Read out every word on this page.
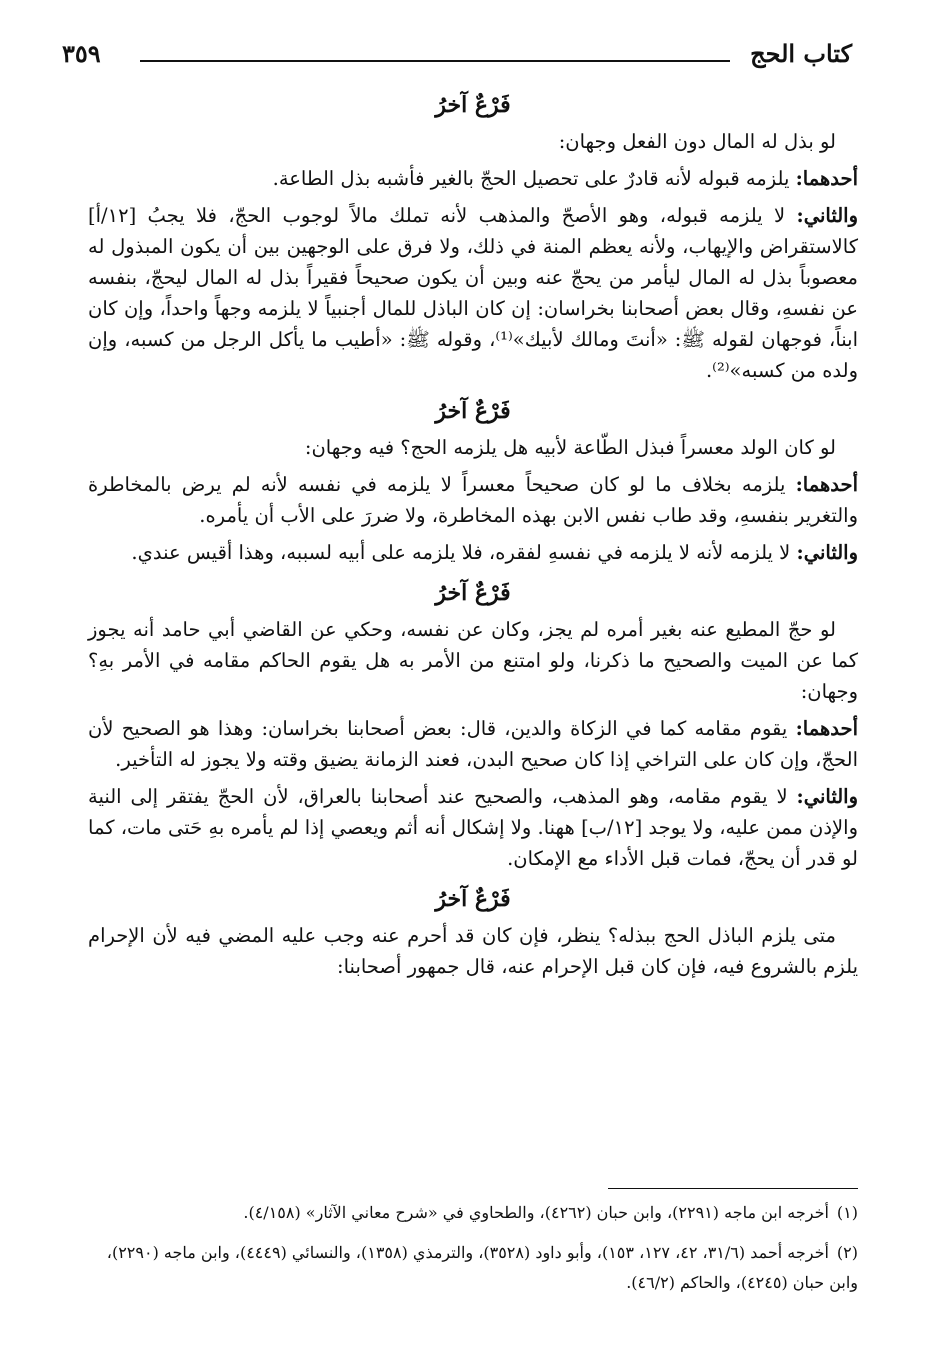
كتاب الحج
٣٥٩
فَرْعٌ آخرُ

لو بذل له المال دون الفعل وجهان:

أحدهما: يلزمه قبوله لأنه قادرٌ على تحصيل الحجّ بالغير فأشبه بذل الطاعة.

والثاني: لا يلزمه قبوله، وهو الأصحّ والمذهب لأنه تملك مالاً لوجوب الحجّ، فلا يجبُ [١٢/أ] كالاستقراض والإيهاب، ولأنه يعظم المنة في ذلك، ولا فرق على الوجهين بين أن يكون المبذول له معصوباً بذل له المال ليأمر من يحجّ عنه وبين أن يكون صحيحاً فقيراً بذل له المال ليحجّ، بنفسه عن نفسهِ، وقال بعض أصحابنا بخراسان: إن كان الباذل للمال أجنبياً لا يلزمه وجهاً واحداً، وإن كان ابناً، فوجهان لقوله ﷺ: «أنتَ ومالك لأبيك»⁽¹⁾، وقوله ﷺ: «أطيب ما يأكل الرجل من كسبه، وإن ولده من كسبه»⁽²⁾.

فَرْعٌ آخرُ

لو كان الولد معسراً فبذل الطّاعة لأبيه هل يلزمه الحج؟ فيه وجهان:

أحدهما: يلزمه بخلاف ما لو كان صحيحاً معسراً لا يلزمه في نفسه لأنه لم يرض بالمخاطرة والتغرير بنفسهِ، وقد طاب نفس الابن بهذه المخاطرة، ولا ضررَ على الأب أن يأمره.

والثاني: لا يلزمه لأنه لا يلزمه في نفسهِ لفقره، فلا يلزمه على أبيه لسببه، وهذا أقيس عندي.

فَرْعٌ آخرُ

لو حجّ المطيع عنه بغير أمره لم يجز، وكان عن نفسه، وحكي عن القاضي أبي حامد أنه يجوز كما عن الميت والصحيح ما ذكرنا، ولو امتنع من الأمر به هل يقوم الحاكم مقامه في الأمر بهِ؟ وجهان:

أحدهما: يقوم مقامه كما في الزكاة والدين، قال: بعض أصحابنا بخراسان: وهذا هو الصحيح لأن الحجّ، وإن كان على التراخي إذا كان صحيح البدن، فعند الزمانة يضيق وقته ولا يجوز له التأخير.

والثاني: لا يقوم مقامه، وهو المذهب، والصحيح عند أصحابنا بالعراق، لأن الحجّ يفتقر إلى النية والإذن ممن عليه، ولا يوجد [١٢/ب] ههنا. ولا إشكال أنه أثم ويعصي إذا لم يأمره بهِ حَتى مات، كما لو قدر أن يحجّ، فمات قبل الأداء مع الإمكان.

فَرْعٌ آخرُ

متى يلزم الباذل الحج ببذله؟ ينظر، فإن كان قد أحرم عنه وجب عليه المضي فيه لأن الإحرام يلزم بالشروع فيه، فإن كان قبل الإحرام عنه، قال جمهور أصحابنا:

(١)أخرجه ابن ماجه (٢٢٩١)، وابن حبان (٤٢٦٢)، والطحاوي في «شرح معاني الآثار» (٤/١٥٨).

(٢)أخرجه أحمد (٣١/٦، ٤٢، ١٢٧، ١٥٣)، وأبو داود (٣٥٢٨)، والترمذي (١٣٥٨)، والنسائي (٤٤٤٩)، وابن ماجه (٢٢٩٠)، وابن حبان (٤٢٤٥)، والحاكم (٤٦/٢).
